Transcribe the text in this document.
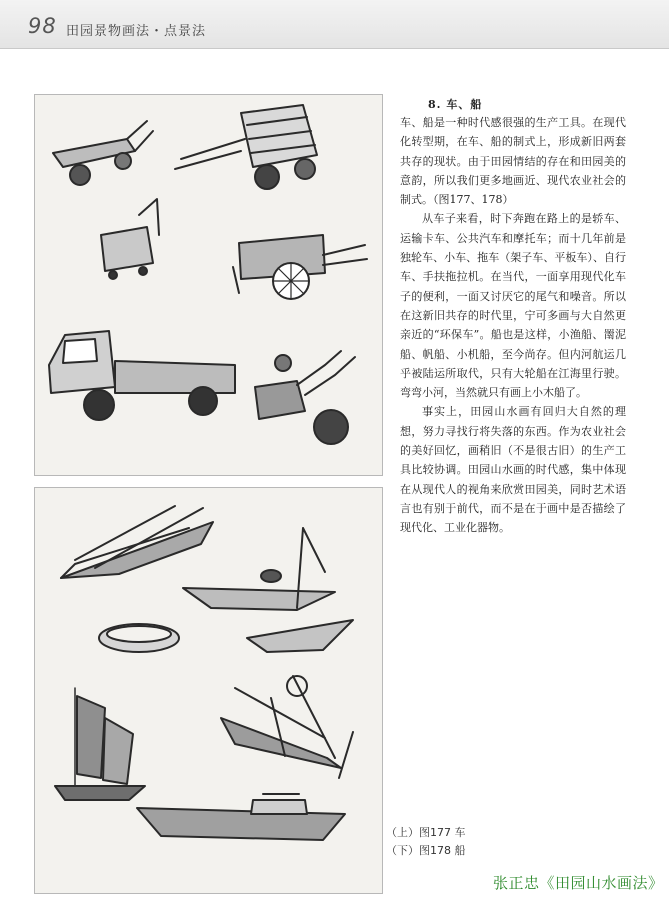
98 田园景物画法・点景法
8. 车、船

车、船是一种时代感很强的生产工具。在现代化转型期，在车、船的制式上，形成新旧两套共存的现状。由于田园情结的存在和田园美的意韵，所以我们更多地画近、现代农业社会的制式。（图177、178）

从车子来看，时下奔跑在路上的是轿车、运输卡车、公共汽车和摩托车；而十几年前是独轮车、小车、拖车（架子车、平板车）、自行车、手扶拖拉机。在当代，一面享用现代化车子的便利，一面又讨厌它的尾气和噪音。所以在这新旧共存的时代里，宁可多画与大自然更亲近的“环保车”。船也是这样，小渔船、罱泥船、帆船、小机船，至今尚存。但内河航运几乎被陆运所取代，只有大轮船在江海里行驶。弯弯小河，当然就只有画上小木船了。

事实上，田园山水画有回归大自然的理想，努力寻找行将失落的东西。作为农业社会的美好回忆，画稍旧（不是很古旧）的生产工具比较协调。田园山水画的时代感，集中体现在从现代人的视角来欣赏田园美，同时艺术语言也有别于前代，而不是在于画中是否描绘了现代化、工业化器物。

（上）图177 车
（下）图178 船
张正忠《田园山水画法》
